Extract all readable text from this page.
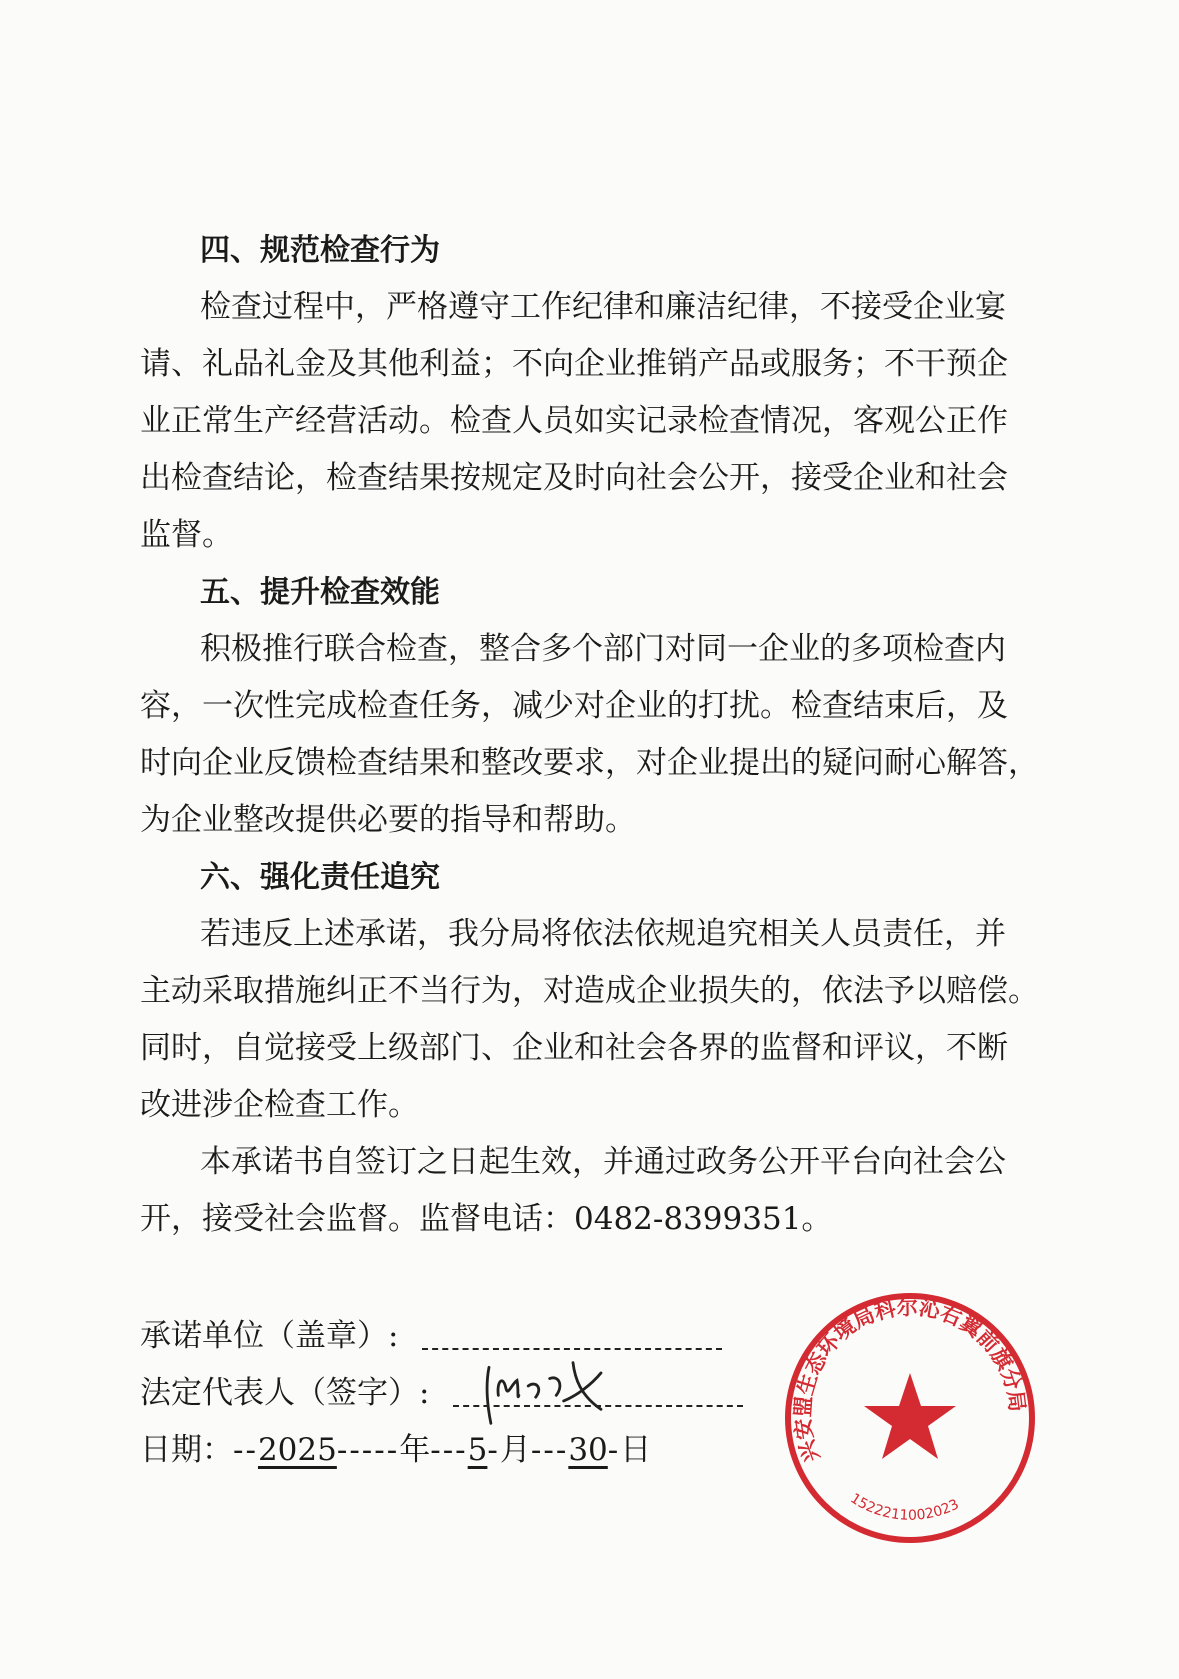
四、规范检查行为
检查过程中，严格遵守工作纪律和廉洁纪律，不接受企业宴
请、礼品礼金及其他利益；不向企业推销产品或服务；不干预企
业正常生产经营活动。检查人员如实记录检查情况，客观公正作
出检查结论，检查结果按规定及时向社会公开，接受企业和社会
监督。
五、提升检查效能
积极推行联合检查，整合多个部门对同一企业的多项检查内
容，一次性完成检查任务，减少对企业的打扰。检查结束后，及
时向企业反馈检查结果和整改要求，对企业提出的疑问耐心解答，
为企业整改提供必要的指导和帮助。
六、强化责任追究
若违反上述承诺，我分局将依法依规追究相关人员责任，并
主动采取措施纠正不当行为，对造成企业损失的，依法予以赔偿。
同时，自觉接受上级部门、企业和社会各界的监督和评议，不断
改进涉企检查工作。
本承诺书自签订之日起生效，并通过政务公开平台向社会公
开，接受社会监督。监督电话：0482-8399351。
承诺单位（盖章）:
法定代表人（签字）:
日期：--2025-----年---5-月---30-日	兴安盟生态环境局科尔沁右翼前旗分局
1522211002023
